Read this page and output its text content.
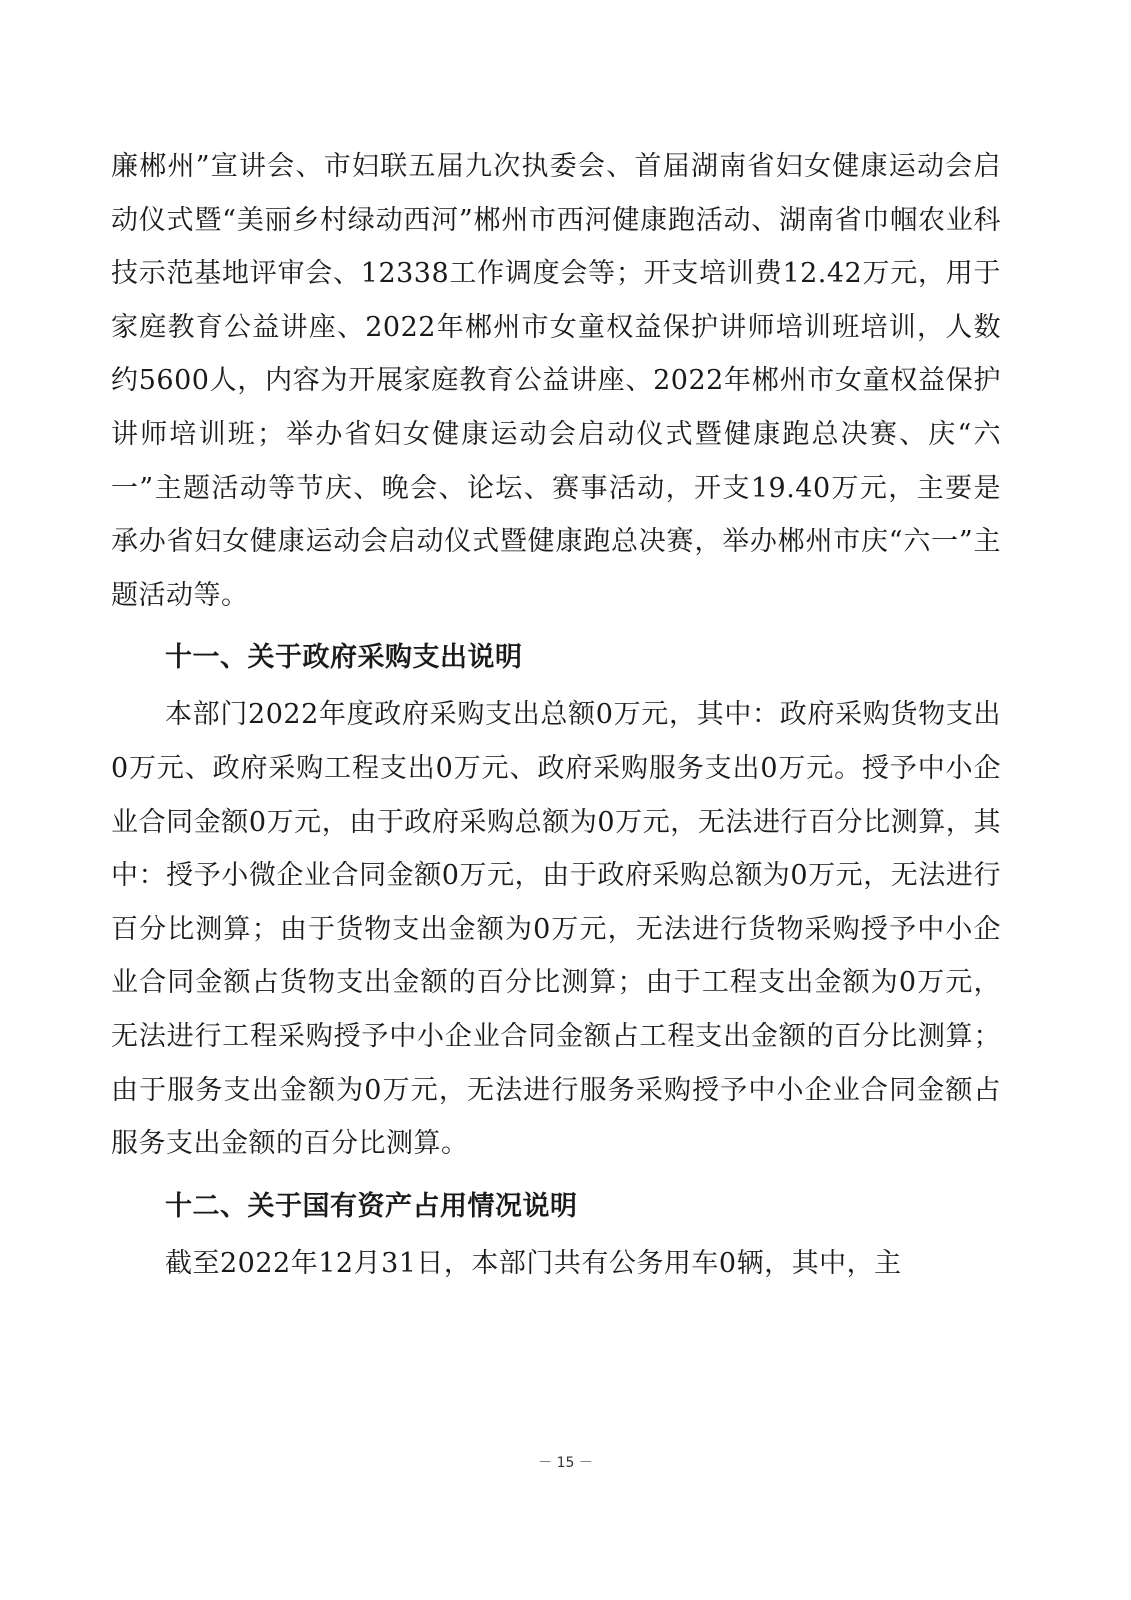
廉郴州”宣讲会、市妇联五届九次执委会、首届湖南省妇女健康运动会启动仪式暨“美丽乡村绿动西河”郴州市西河健康跑活动、湖南省巾帼农业科技示范基地评审会、12338工作调度会等；开支培训费12.42万元，用于家庭教育公益讲座、2022年郴州市女童权益保护讲师培训班培训，人数约5600人，内容为开展家庭教育公益讲座、2022年郴州市女童权益保护讲师培训班；举办省妇女健康运动会启动仪式暨健康跑总决赛、庆“六一”主题活动等节庆、晚会、论坛、赛事活动，开支19.40万元，主要是承办省妇女健康运动会启动仪式暨健康跑总决赛，举办郴州市庆“六一”主题活动等。

十一、关于政府采购支出说明

本部门2022年度政府采购支出总额0万元，其中：政府采购货物支出0万元、政府采购工程支出0万元、政府采购服务支出0万元。授予中小企业合同金额0万元，由于政府采购总额为0万元，无法进行百分比测算，其中：授予小微企业合同金额0万元，由于政府采购总额为0万元，无法进行百分比测算；由于货物支出金额为0万元，无法进行货物采购授予中小企业合同金额占货物支出金额的百分比测算；由于工程支出金额为0万元，无法进行工程采购授予中小企业合同金额占工程支出金额的百分比测算；由于服务支出金额为0万元，无法进行服务采购授予中小企业合同金额占服务支出金额的百分比测算。

十二、关于国有资产占用情况说明

截至2022年12月31日，本部门共有公务用车0辆，其中，主

－ 15 －
